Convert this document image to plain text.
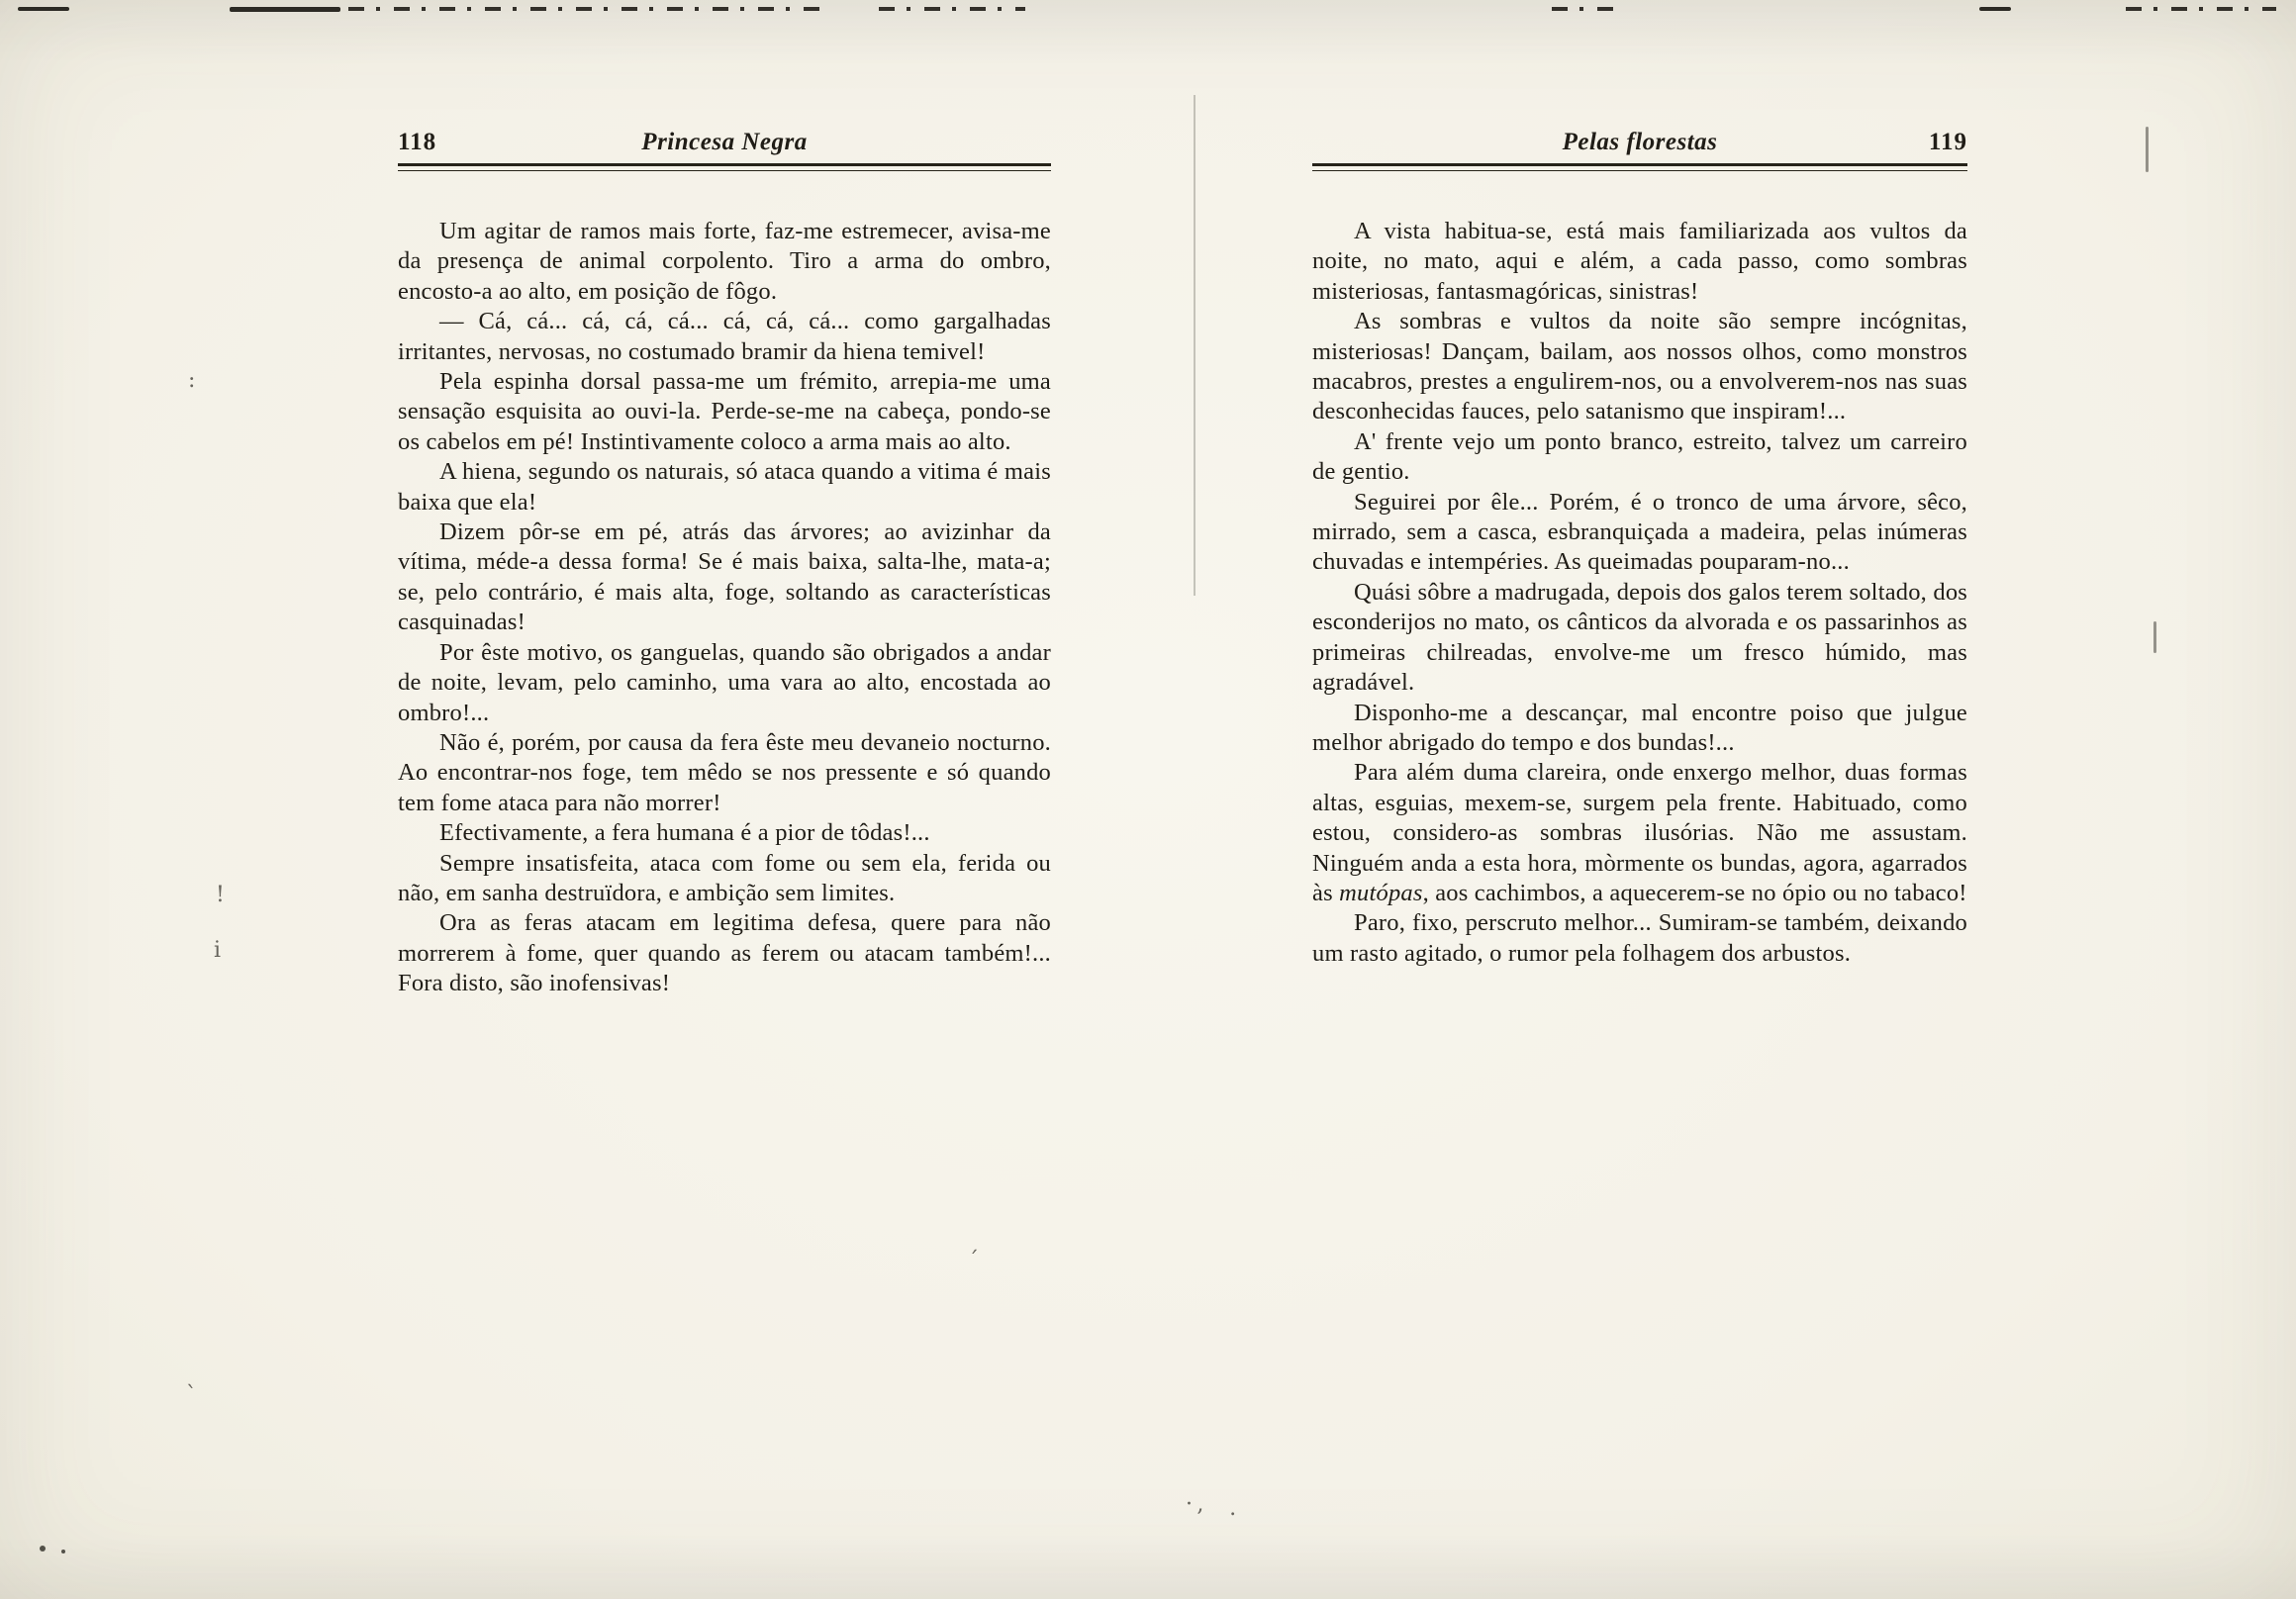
:
!
i
´
· ,
`
․
118	Princesa Negra

Um agitar de ramos mais forte, faz-me estremecer, avisa-me da presença de animal corpolento. Tiro a arma do ombro, encosto-a ao alto, em posição de fôgo.

— Cá, cá... cá, cá, cá... cá, cá, cá... como gargalhadas irritantes, nervosas, no costumado bramir da hiena temivel!

Pela espinha dorsal passa-me um frémito, arrepia-me uma sensação esquisita ao ouvi-la. Perde-se-me na cabeça, pondo-se os cabelos em pé! Instintivamente coloco a arma mais ao alto.

A hiena, segundo os naturais, só ataca quando a vitima é mais baixa que ela!

Dizem pôr-se em pé, atrás das árvores; ao avizinhar da vítima, méde-a dessa forma! Se é mais baixa, salta-lhe, mata-a; se, pelo contrário, é mais alta, foge, soltando as características casquinadas!

Por êste motivo, os ganguelas, quando são obrigados a andar de noite, levam, pelo caminho, uma vara ao alto, encostada ao ombro!...

Não é, porém, por causa da fera êste meu devaneio nocturno. Ao encontrar-nos foge, tem mêdo se nos pressente e só quando tem fome ataca para não morrer!

Efectivamente, a fera humana é a pior de tôdas!...

Sempre insatisfeita, ataca com fome ou sem ela, ferida ou não, em sanha destruïdora, e ambição sem limites.

Ora as feras atacam em legitima defesa, quere para não morrerem à fome, quer quando as ferem ou atacam também!... Fora disto, são inofensivas!

Pelas florestas	119

A vista habitua-se, está mais familiarizada aos vultos da noite, no mato, aqui e além, a cada passo, como sombras misteriosas, fantasmagóricas, sinistras!

As sombras e vultos da noite são sempre incógnitas, misteriosas! Dançam, bailam, aos nossos olhos, como monstros macabros, prestes a engulirem-nos, ou a envolverem-nos nas suas desconhecidas fauces, pelo satanismo que inspiram!...

A' frente vejo um ponto branco, estreito, talvez um carreiro de gentio.

Seguirei por êle... Porém, é o tronco de uma árvore, sêco, mirrado, sem a casca, esbranquiçada a madeira, pelas inúmeras chuvadas e intempéries. As queimadas pouparam-no...

Quási sôbre a madrugada, depois dos galos terem soltado, dos esconderijos no mato, os cânticos da alvorada e os passarinhos as primeiras chilreadas, envolve-me um fresco húmido, mas agradável.

Disponho-me a descançar, mal encontre poiso que julgue melhor abrigado do tempo e dos bundas!...

Para além duma clareira, onde enxergo melhor, duas formas altas, esguias, mexem-se, surgem pela frente. Habituado, como estou, considero-as sombras ilusórias. Não me assustam. Ninguém anda a esta hora, mòrmente os bundas, agora, agarrados às mutópas, aos cachimbos, a aquecerem-se no ópio ou no tabaco!

Paro, fixo, perscruto melhor... Sumiram-se também, deixando um rasto agitado, o rumor pela folhagem dos arbustos.
